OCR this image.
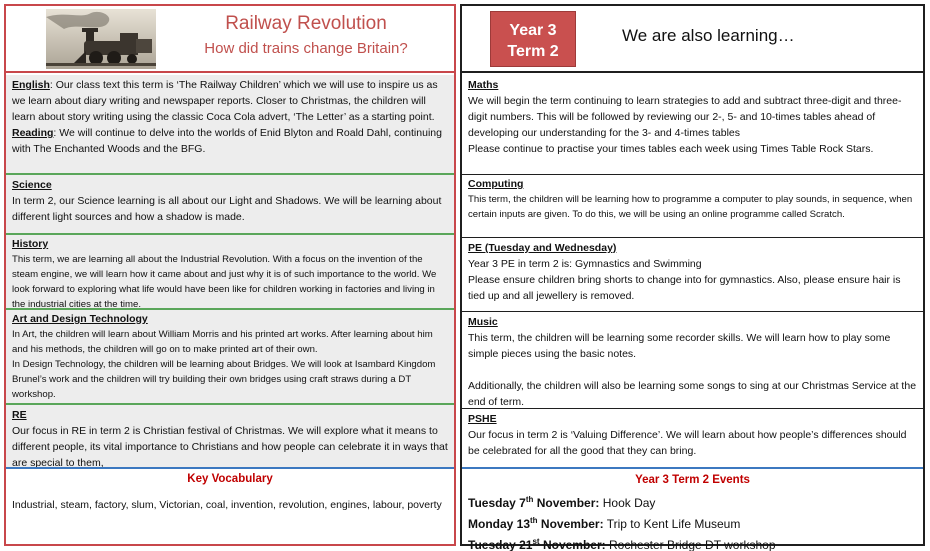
Railway Revolution
How did trains change Britain?
English: Our class text this term is ‘The Railway Children’ which we will use to inspire us as we learn about diary writing and newspaper reports. Closer to Christmas, the children will learn about story writing using the classic Coca Cola advert, ‘The Letter’ as a starting point.
Reading: We will continue to delve into the worlds of Enid Blyton and Roald Dahl, continuing with The Enchanted Woods and the BFG.
Science
In term 2, our Science learning is all about our Light and Shadows. We will be learning about different light sources and how a shadow is made.
History
This term, we are learning all about the Industrial Revolution. With a focus on the invention of the steam engine, we will learn how it came about and just why it is of such importance to the world. We look forward to exploring what life would have been like for children working in factories and living in the industrial cities at the time.
Art and Design Technology
In Art, the children will learn about William Morris and his printed art works. After learning about him and his methods, the children will go on to make printed art of their own.
In Design Technology, the children will be learning about Bridges. We will look at Isambard Kingdom Brunel’s work and the children will try building their own bridges using craft straws during a DT workshop.
RE
Our focus in RE in term 2 is Christian festival of Christmas. We will explore what it means to different people, its vital importance to Christians and how people can celebrate it in ways that are special to them,
Key Vocabulary
Industrial, steam, factory, slum, Victorian, coal, invention, revolution, engines, labour, poverty
Year 3
Term 2
We are also learning…
Maths
We will begin the term continuing to learn strategies to add and subtract three-digit and three-digit numbers. This will be followed by reviewing our 2-, 5- and 10-times tables ahead of developing our understanding for the 3- and 4-times tables
Please continue to practise your times tables each week using Times Table Rock Stars.
Computing
This term, the children will be learning how to programme a computer to play sounds, in sequence, when certain inputs are given. To do this, we will be using an online programme called Scratch.
PE (Tuesday and Wednesday)
Year 3 PE in term 2 is: Gymnastics and Swimming
Please ensure children bring shorts to change into for gymnastics. Also, please ensure hair is tied up and all jewellery is removed.
Music
This term, the children will be learning some recorder skills. We will learn how to play some simple pieces using the basic notes.
Additionally, the children will also be learning some songs to sing at our Christmas Service at the end of term.
PSHE
Our focus in term 2 is ‘Valuing Difference’. We will learn about how people’s differences should be celebrated for all the good that they can bring.
Year 3 Term 2 Events
Tuesday 7th November: Hook Day
Monday 13th November: Trip to Kent Life Museum
Tuesday 21st November: Rochester Bridge DT workshop
